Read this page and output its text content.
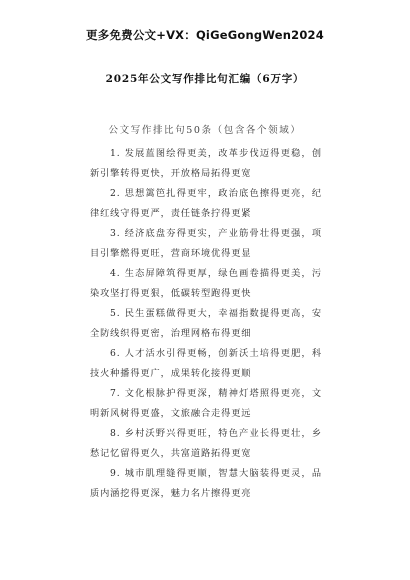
更多免费公文+VX：QiGeGongWen2024
2025年公文写作排比句汇编（6万字）
公文写作排比句50条（包含各个领域）
1. 发展蓝图绘得更美，改革步伐迈得更稳，创新引擎转得更快，开放格局拓得更宽
2. 思想篱笆扎得更牢，政治底色擦得更亮，纪律红线守得更严，责任链条拧得更紧
3. 经济底盘夯得更实，产业筋骨壮得更强，项目引擎燃得更旺，营商环境优得更显
4. 生态屏障筑得更厚，绿色画卷描得更美，污染攻坚打得更狠，低碳转型跑得更快
5. 民生蛋糕做得更大，幸福指数提得更高，安全防线织得更密，治理网格布得更细
6. 人才活水引得更畅，创新沃土培得更肥，科技火种播得更广，成果转化接得更顺
7. 文化根脉护得更深，精神灯塔照得更亮，文明新风树得更盛，文旅融合走得更远
8. 乡村沃野兴得更旺，特色产业长得更壮，乡愁记忆留得更久，共富道路拓得更宽
9. 城市肌理缝得更顺，智慧大脑装得更灵，品质内涵挖得更深，魅力名片擦得更亮
